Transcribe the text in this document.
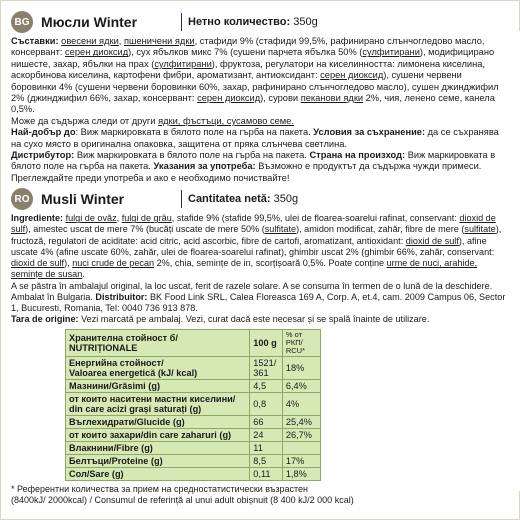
BG Мюсли Winter	Нетно количество: 350g
Съставки: овесени ядки, пшеничени ядки, стафиди 9% (стафиди 99,5%, рафинирано слънчогледово масло, консервант: серен диоксид), сух ябълков микс 7% (сушени парчета ябълка 50% (сулфитирани), модифицирано нишесте, захар, ябълки на прах (сулфитирани), фруктоза, регулатори на киселинността: лимонена киселина, аскорбинова киселина, картофени фибри, ароматизант, антиоксидант: серен диоксид), сушени червени боровинки 4% (сушени червени боровинки 60%, захар, рафинирано слънчогледово масло), сушен джинджифил 2% (джинджифил 66%, захар, консервант: серен диоксид), сурови пеканови ядки 2%, чия, ленено семе, канела 0,5%.
Може да съдържа следи от други ядки, фъстъци, сусамово семе.
Най-добър до: Виж маркировката в бялото поле на гърба на пакета. Условия за съхранение: да се съхранява на сухо място в оригинална опаковка, защитена от пряка слънчева светлина.
Дистрибутор: Виж маркировката в бялото поле на гърба на пакета. Страна на произход: Виж маркировката в бялото поле на гърба на пакета. Указания за употреба: Възможно е продуктът да съдържа чужди примеси. Преглеждайте преди употреба и ако е необходимо почиствайте!
RO Musli Winter	Cantitatea netă: 350g
Ingrediente: fulgi de ovăz, fulgi de grâu, stafide 9% (stafide 99,5%, ulei de floarea-soarelui rafinat, conservant: dioxid de sulf), amestec uscat de mere 7% (bucăți uscate de mere 50% (sulfitate), amidon modificat, zahăr, fibre de mere (sulfitate), fructoză, regulatori de aciditate: acid citric, acid ascorbic, fibre de cartofi, aromatizant, antioxidant: dioxid de sulf), afine uscate 4% (afine uscate 60%, zahăr, ulei de floarea-soarelui rafinat), ghimbir uscat 2% (ghimbir 66%, zahăr, conservant: dioxid de sulf), nuci crude de pecan 2%, chia, semințe de in, scorțișoară 0,5%. Poate conține urme de nuci, arahide, semințe de susan.
A se păstra în ambalajul original, la loc uscat, ferit de razele solare. A se consuma în termen de o lună de la deschidere. Ambalat în Bulgaria. Distribuitor: BK Food Link SRL, Calea Floreasca 169 A, Corp. A, et.4, cam. 2009 Campus 06, Sector 1, Bucuresti, Romania, Tel: 0040 736 913 878.
Tara de origine: Vezi marcatǎ pe ambalaj. Vezi, curat dacă este necesar și se spală înainte de utilizare.
Хранителна стойност б/
NUTRIȚIONALE	100 g	% от РКП/
RCU*
Енергийна стойност/
Valoarea energetică (kJ/ kcal)	1521/
361	18%
Мазнини/Grăsimi (g)	4,5	6,4%
от които наситени мастни киселини/
din care acizi grași saturați (g)	0,8	4%
Въглехидрати/Glucide (g)	66	25,4%
от които захари/din care zaharuri (g)	24	26,7%
Влакнини/Fibre (g)	11	
Белтъци/Proteine (g)	8,5	17%
Сол/Sare (g)	0,11	1,8%
* Референтни количества за прием на средностатистически възрастен
(8400kJ/ 2000kcal) / Consumul de referință al unui adult obișnuit (8 400 kJ/2 000 kcal)
